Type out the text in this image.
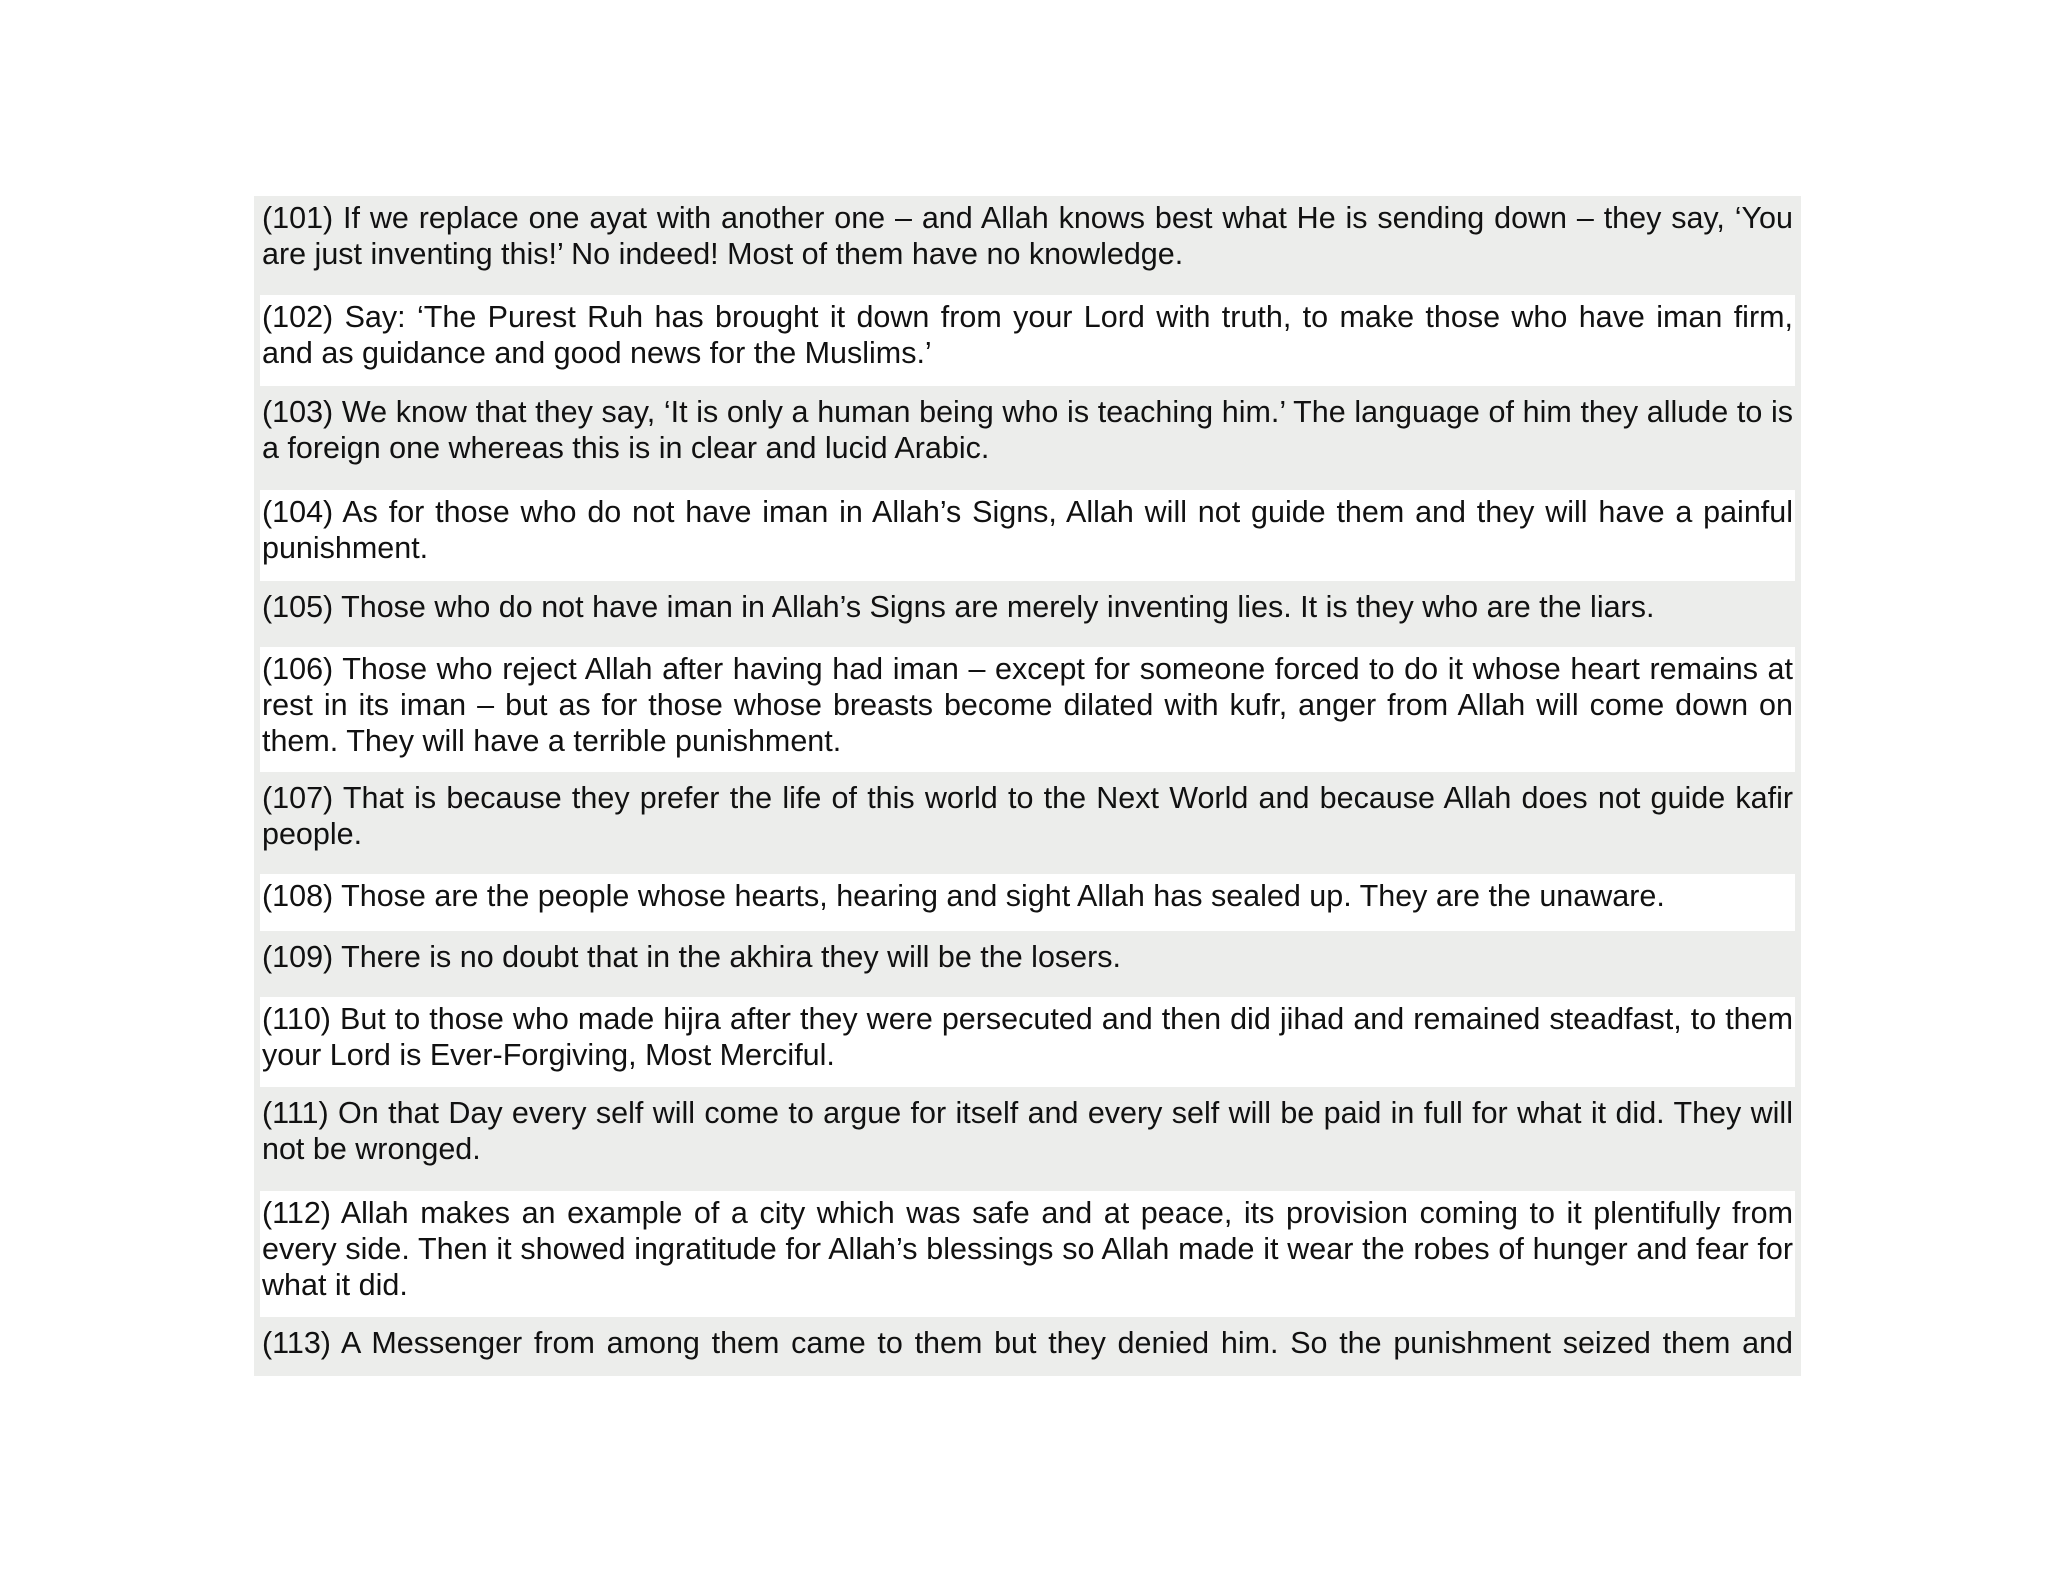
(101) If we replace one ayat with another one – and Allah knows best what He is sending down – they say, ‘You are just inventing this!’ No indeed! Most of them have no knowledge.
(102) Say: ‘The Purest Ruh has brought it down from your Lord with truth, to make those who have iman firm, and as guidance and good news for the Muslims.’
(103) We know that they say, ‘It is only a human being who is teaching him.’ The language of him they allude to is a foreign one whereas this is in clear and lucid Arabic.
(104) As for those who do not have iman in Allah’s Signs, Allah will not guide them and they will have a painful punishment.
(105) Those who do not have iman in Allah’s Signs are merely inventing lies. It is they who are the liars.
(106) Those who reject Allah after having had iman – except for someone forced to do it whose heart remains at rest in its iman – but as for those whose breasts become dilated with kufr, anger from Allah will come down on them. They will have a terrible punishment.
(107) That is because they prefer the life of this world to the Next World and because Allah does not guide kafir people.
(108) Those are the people whose hearts, hearing and sight Allah has sealed up. They are the unaware.
(109) There is no doubt that in the akhira they will be the losers.
(110) But to those who made hijra after they were persecuted and then did jihad and remained steadfast, to them your Lord is Ever-Forgiving, Most Merciful.
(111) On that Day every self will come to argue for itself and every self will be paid in full for what it did. They will not be wronged.
(112) Allah makes an example of a city which was safe and at peace, its provision coming to it plentifully from every side. Then it showed ingratitude for Allah’s blessings so Allah made it wear the robes of hunger and fear for what it did.
(113) A Messenger from among them came to them but they denied him. So the punishment seized them and
